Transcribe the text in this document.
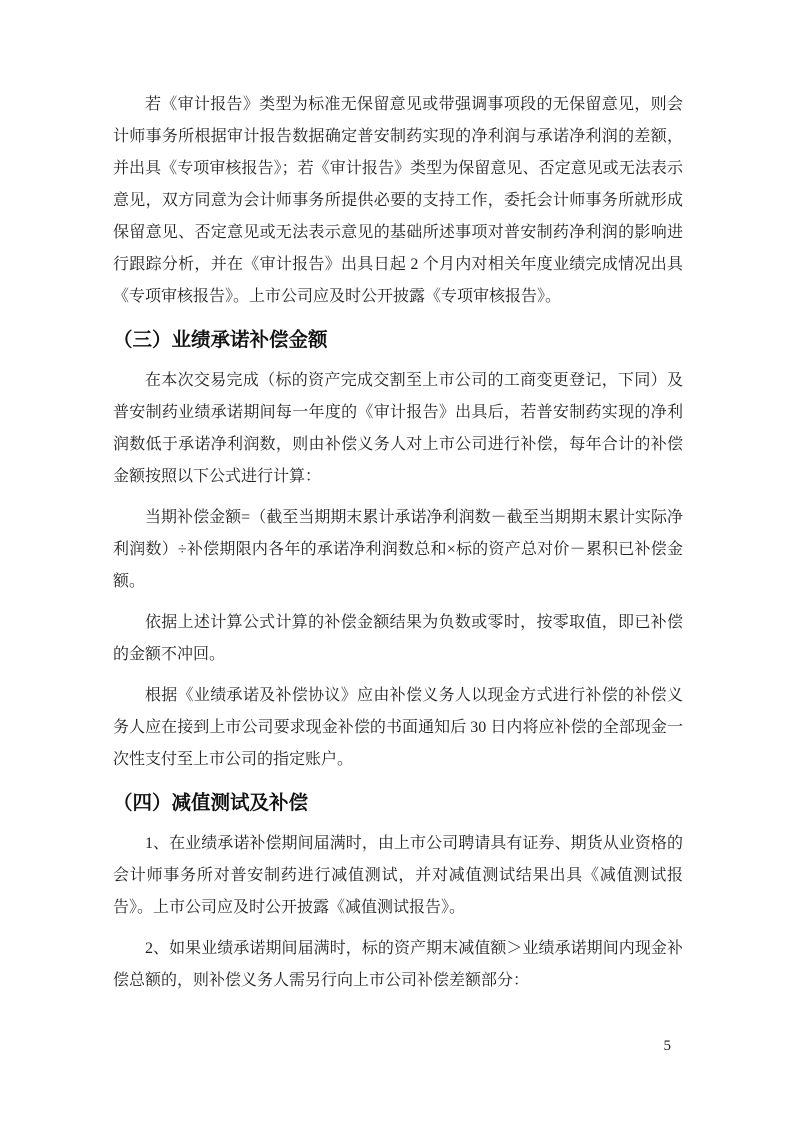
若《审计报告》类型为标准无保留意见或带强调事项段的无保留意见，则会计师事务所根据审计报告数据确定普安制药实现的净利润与承诺净利润的差额，并出具《专项审核报告》；若《审计报告》类型为保留意见、否定意见或无法表示意见，双方同意为会计师事务所提供必要的支持工作，委托会计师事务所就形成保留意见、否定意见或无法表示意见的基础所述事项对普安制药净利润的影响进行跟踪分析，并在《审计报告》出具日起 2 个月内对相关年度业绩完成情况出具《专项审核报告》。上市公司应及时公开披露《专项审核报告》。

（三）业绩承诺补偿金额

在本次交易完成（标的资产完成交割至上市公司的工商变更登记，下同）及普安制药业绩承诺期间每一年度的《审计报告》出具后，若普安制药实现的净利润数低于承诺净利润数，则由补偿义务人对上市公司进行补偿，每年合计的补偿金额按照以下公式进行计算：

当期补偿金额=（截至当期期末累计承诺净利润数－截至当期期末累计实际净利润数）÷补偿期限内各年的承诺净利润数总和×标的资产总对价－累积已补偿金额。

依据上述计算公式计算的补偿金额结果为负数或零时，按零取值，即已补偿的金额不冲回。

根据《业绩承诺及补偿协议》应由补偿义务人以现金方式进行补偿的补偿义务人应在接到上市公司要求现金补偿的书面通知后 30 日内将应补偿的全部现金一次性支付至上市公司的指定账户。

（四）减值测试及补偿

1、在业绩承诺补偿期间届满时，由上市公司聘请具有证券、期货从业资格的会计师事务所对普安制药进行减值测试，并对减值测试结果出具《减值测试报告》。上市公司应及时公开披露《减值测试报告》。

2、如果业绩承诺期间届满时，标的资产期末减值额＞业绩承诺期间内现金补偿总额的，则补偿义务人需另行向上市公司补偿差额部分：

5
